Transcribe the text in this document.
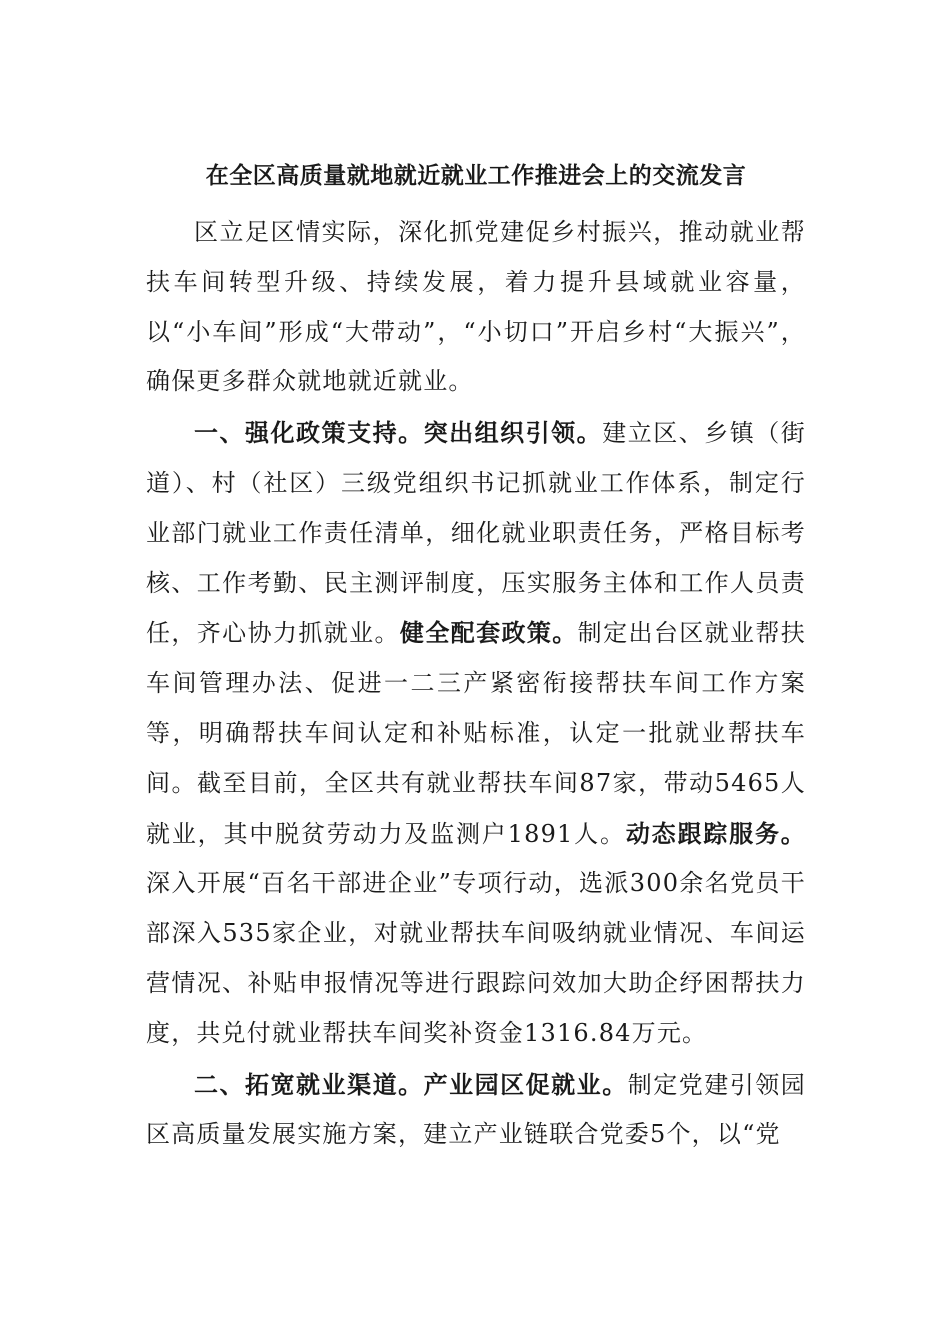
在全区高质量就地就近就业工作推进会上的交流发言

区立足区情实际，深化抓党建促乡村振兴，推动就业帮扶车间转型升级、持续发展，着力提升县域就业容量，以“小车间”形成“大带动”，“小切口”开启乡村“大振兴”，确保更多群众就地就近就业。

一、强化政策支持。突出组织引领。建立区、乡镇（街道）、村（社区）三级党组织书记抓就业工作体系，制定行业部门就业工作责任清单，细化就业职责任务，严格目标考核、工作考勤、民主测评制度，压实服务主体和工作人员责任，齐心协力抓就业。健全配套政策。制定出台区就业帮扶车间管理办法、促进一二三产紧密衔接帮扶车间工作方案等，明确帮扶车间认定和补贴标准，认定一批就业帮扶车间。截至目前，全区共有就业帮扶车间87家，带动5465人就业，其中脱贫劳动力及监测户1891人。动态跟踪服务。深入开展“百名干部进企业”专项行动，选派300余名党员干部深入535家企业，对就业帮扶车间吸纳就业情况、车间运营情况、补贴申报情况等进行跟踪问效加大助企纾困帮扶力度，共兑付就业帮扶车间奖补资金1316.84万元。

二、拓宽就业渠道。产业园区促就业。制定党建引领园区高质量发展实施方案，建立产业链联合党委5个，以“党
